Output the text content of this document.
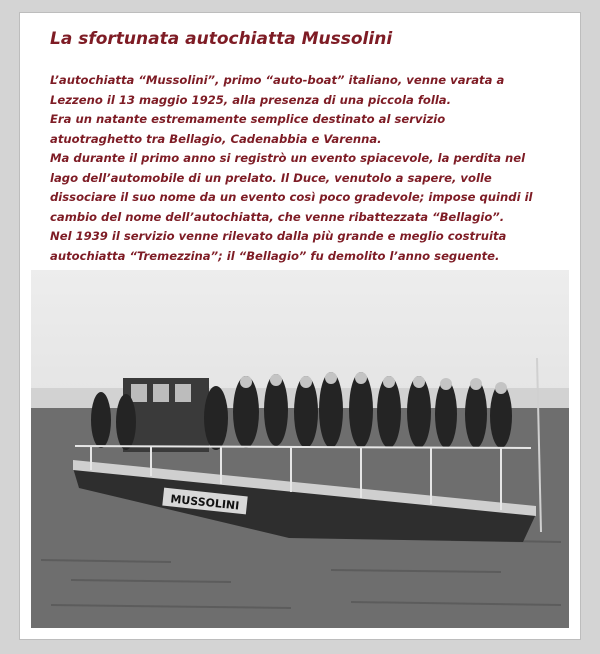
La sfortunata autochiatta Mussolini

L’autochiatta “Mussolini”, primo “auto-boat” italiano, venne varata a
Lezzeno il 13 maggio 1925, alla presenza di una piccola folla.
Era un natante estremamente semplice destinato al servizio
atuotraghetto tra Bellagio, Cadenabbia e Varenna.
Ma durante il primo anno si registrò un evento spiacevole, la perdita nel
lago dell’automobile di un prelato. Il Duce, venutolo a sapere, volle
dissociare il suo nome da un evento così poco gradevole; impose quindi il
cambio del nome dell’autochiatta, che venne ribattezzata “Bellagio”.
Nel 1939 il servizio venne rilevato dalla più grande e meglio costruita
autochiatta “Tremezzina”; il “Bellagio” fu demolito l’anno seguente.

MUSSOLINI
